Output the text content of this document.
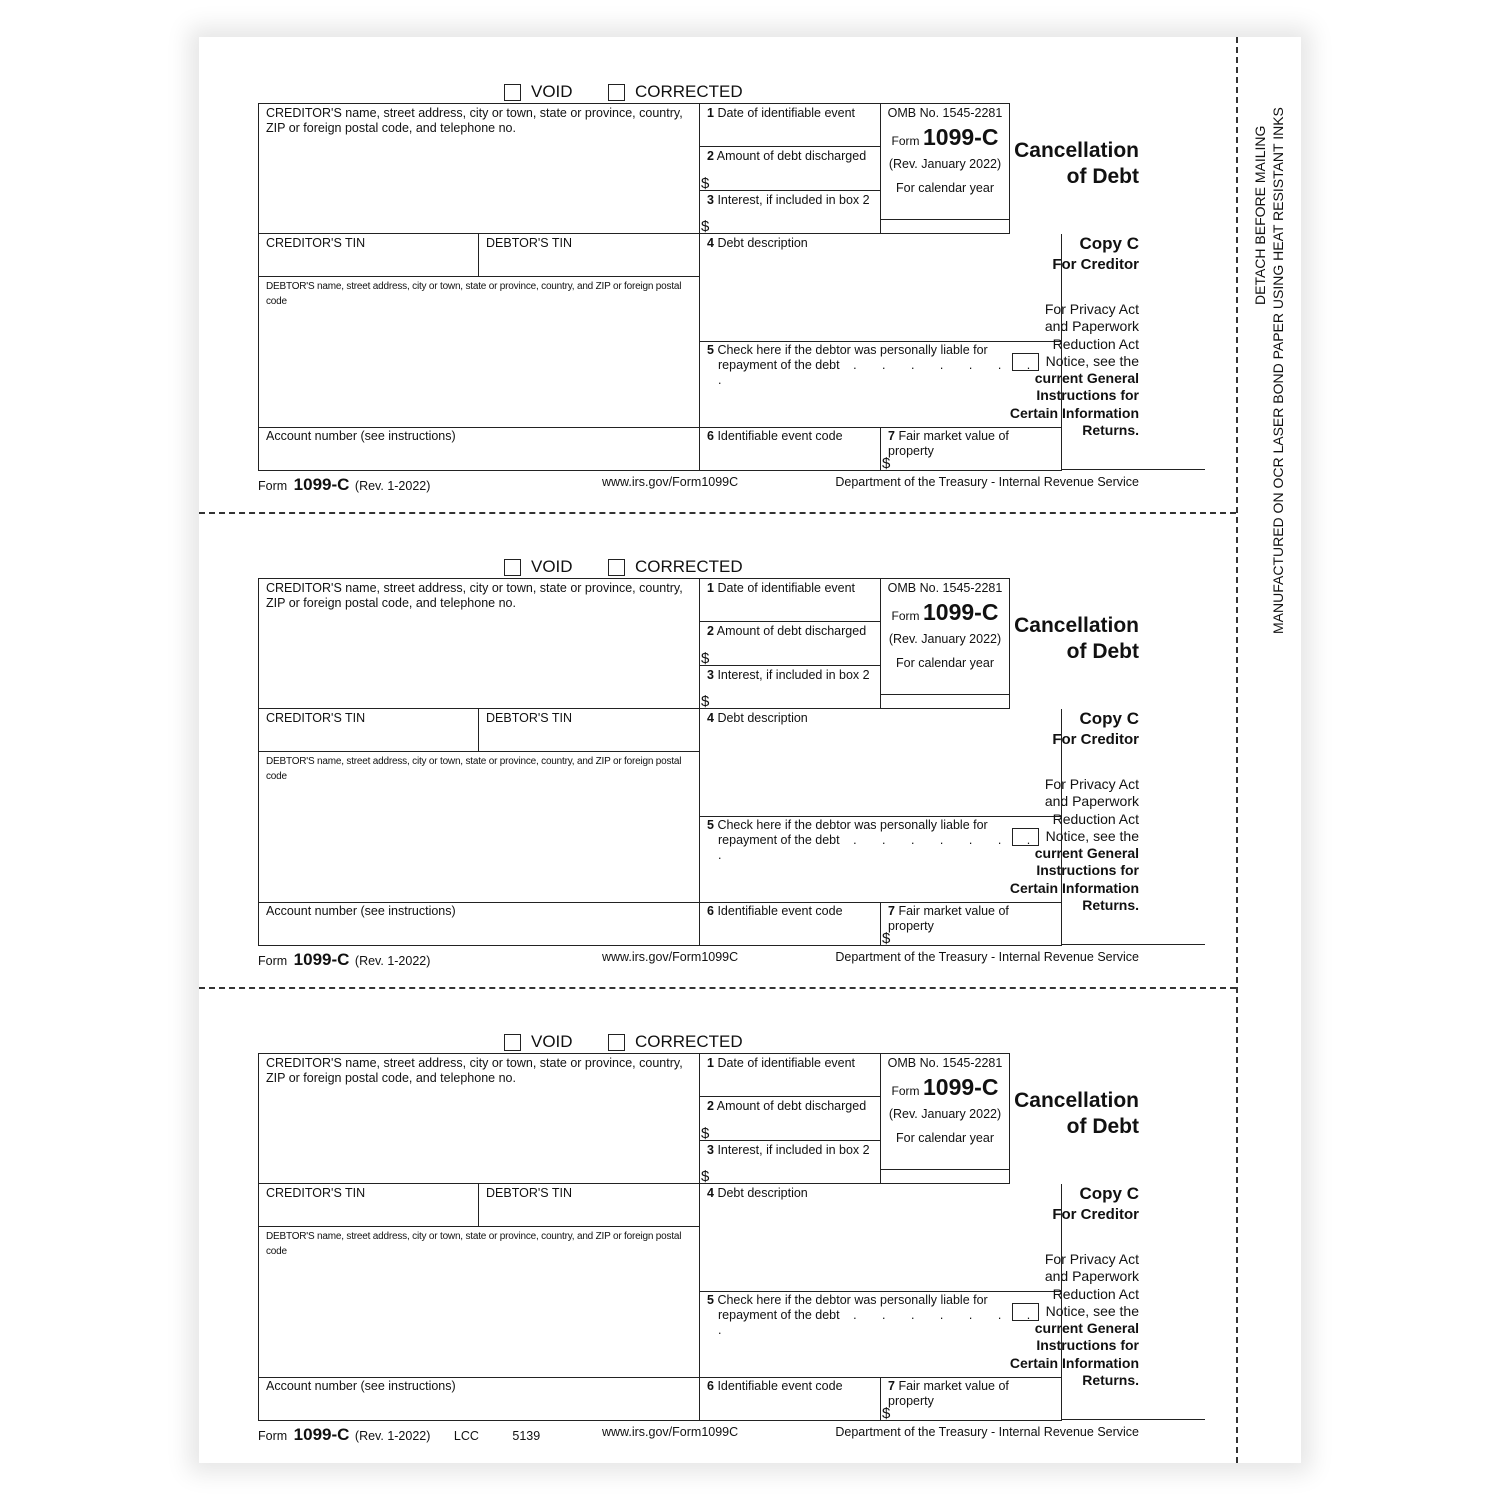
DETACH BEFORE MAILING MANUFACTURED ON OCR LASER BOND PAPER USING HEAT RESISTANT INKS
VOID	CORRECTED
CREDITOR'S name, street address, city or town, state or province, country, ZIP or foreign postal code, and telephone no.
1 Date of identifiable event
2 Amount of debt discharged
$
3 Interest, if included in box 2
$
OMB No. 1545-2281
Form 1099-C
(Rev. January 2022)
For calendar year
Cancellation
of Debt
CREDITOR'S TIN	DEBTOR'S TIN
DEBTOR'S name, street address, city or town, state or province, country, and ZIP or foreign postal code
4 Debt description
5 Check here if the debtor was personally liable for
repayment of the debt . . . . . . . .
Account number (see instructions)	6 Identifiable event code	7 Fair market value of property
$
Copy C
For Creditor
For Privacy Act
and Paperwork
Reduction Act
Notice, see the
current General
Instructions for
Certain Information
Returns.
Form 1099-C (Rev. 1-2022)	www.irs.gov/Form1099C	Department of the Treasury - Internal Revenue Service
VOID	CORRECTED
CREDITOR'S name, street address, city or town, state or province, country, ZIP or foreign postal code, and telephone no.
1 Date of identifiable event
2 Amount of debt discharged
$
3 Interest, if included in box 2
$
OMB No. 1545-2281
Form 1099-C
(Rev. January 2022)
For calendar year
Cancellation
of Debt
CREDITOR'S TIN	DEBTOR'S TIN
DEBTOR'S name, street address, city or town, state or province, country, and ZIP or foreign postal code
4 Debt description
5 Check here if the debtor was personally liable for
repayment of the debt . . . . . . . .
Account number (see instructions)	6 Identifiable event code	7 Fair market value of property
$
Copy C
For Creditor
For Privacy Act
and Paperwork
Reduction Act
Notice, see the
current General
Instructions for
Certain Information
Returns.
Form 1099-C (Rev. 1-2022)	www.irs.gov/Form1099C	Department of the Treasury - Internal Revenue Service
VOID	CORRECTED
CREDITOR'S name, street address, city or town, state or province, country, ZIP or foreign postal code, and telephone no.
1 Date of identifiable event
2 Amount of debt discharged
$
3 Interest, if included in box 2
$
OMB No. 1545-2281
Form 1099-C
(Rev. January 2022)
For calendar year
Cancellation
of Debt
CREDITOR'S TIN	DEBTOR'S TIN
DEBTOR'S name, street address, city or town, state or province, country, and ZIP or foreign postal code
4 Debt description
5 Check here if the debtor was personally liable for
repayment of the debt . . . . . . . .
Account number (see instructions)	6 Identifiable event code	7 Fair market value of property
$
Copy C
For Creditor
For Privacy Act
and Paperwork
Reduction Act
Notice, see the
current General
Instructions for
Certain Information
Returns.
Form 1099-C (Rev. 1-2022) LCC	5139	www.irs.gov/Form1099C	Department of the Treasury - Internal Revenue Service
